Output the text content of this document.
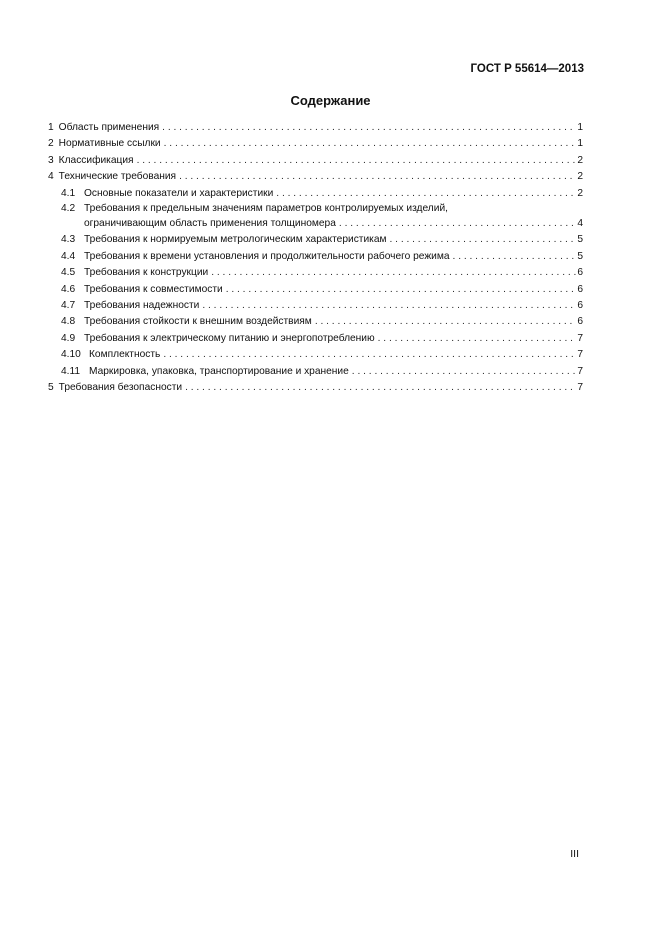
ГОСТ Р 55614—2013
Содержание
1 Область применения . . .	1
2 Нормативные ссылки . . .	1
3 Классификация . . .	2
4 Технические требования . . .	2
4.1 Основные показатели и характеристики . . .	2
4.2 Требования к предельным значениям параметров контролируемых изделий,
ограничивающим область применения толщиномера . . .	4
4.3 Требования к нормируемым метрологическим характеристикам . . .	5
4.4 Требования к времени установления и продолжительности рабочего режима . . .	5
4.5 Требования к конструкции . . .	6
4.6 Требования к совместимости . . .	6
4.7 Требования надежности . . .	6
4.8 Требования стойкости к внешним воздействиям . . .	6
4.9 Требования к электрическому питанию и энергопотреблению . . .	7
4.10 Комплектность . . .	7
4.11 Маркировка, упаковка, транспортирование и хранение . . .	7
5 Требования безопасности . . .	7
III
